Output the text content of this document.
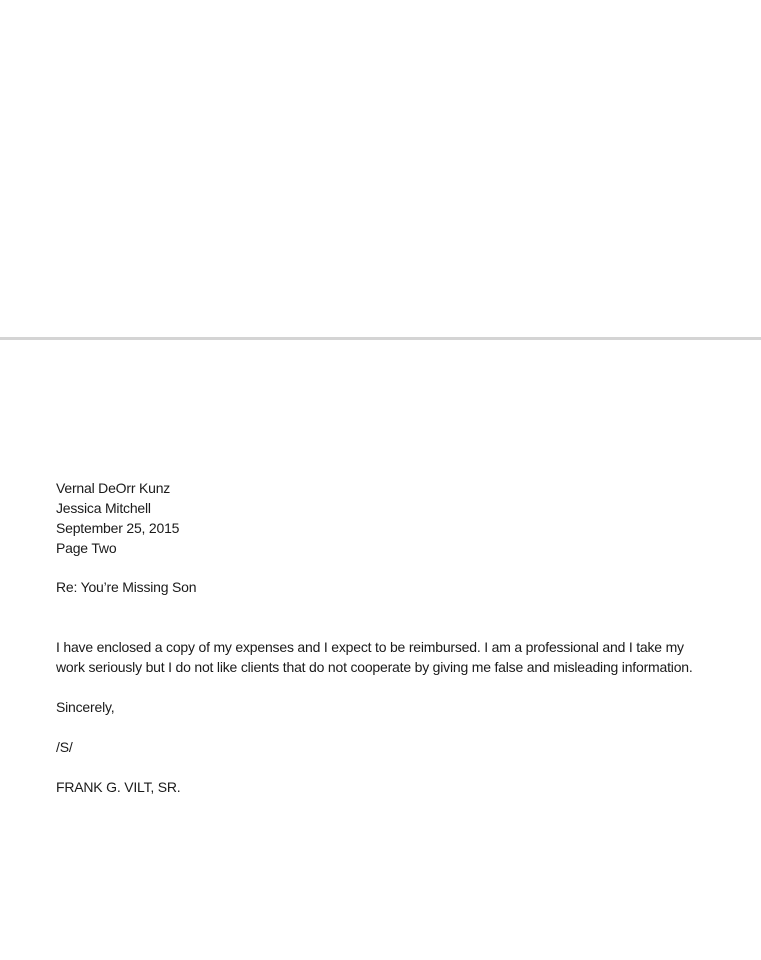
Vernal DeOrr Kunz
Jessica Mitchell
September 25, 2015
Page Two
Re: You’re Missing Son
I have enclosed a copy of my expenses and I expect to be reimbursed. I am a professional and I take my work seriously but I do not like clients that do not cooperate by giving me false and misleading information.
Sincerely,
/S/
FRANK G. VILT, SR.
